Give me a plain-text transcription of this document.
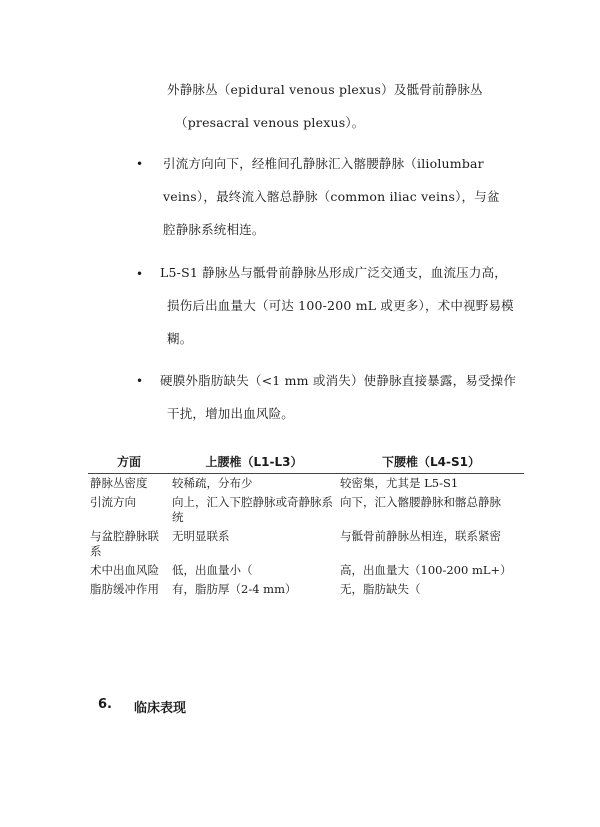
外静脉丛（epidural venous plexus）及骶骨前静脉丛
（presacral venous plexus）。
• 引流方向向下，经椎间孔静脉汇入髂腰静脉（iliolumbar
veins），最终流入髂总静脉（common iliac veins），与盆
腔静脉系统相连。
• L5-S1 静脉丛与骶骨前静脉丛形成广泛交通支，血流压力高，
损伤后出血量大（可达 100-200 mL 或更多），术中视野易模
糊。
• 硬膜外脂肪缺失（<1 mm 或消失）使静脉直接暴露，易受操作
干扰，增加出血风险。
方面	上腰椎（L1-L3）	下腰椎（L4-S1）
静脉丛密度	较稀疏，分布少	较密集，尤其是 L5-S1
引流方向	向上，汇入下腔静脉或奇静脉系统	向下，汇入髂腰静脉和髂总静脉
与盆腔静脉联系	无明显联系	与骶骨前静脉丛相连，联系紧密
术中出血风险	低，出血量小（	高，出血量大（100-200 mL+）
脂肪缓冲作用	有，脂肪厚（2-4 mm）	无，脂肪缺失（
6. 临床表现
